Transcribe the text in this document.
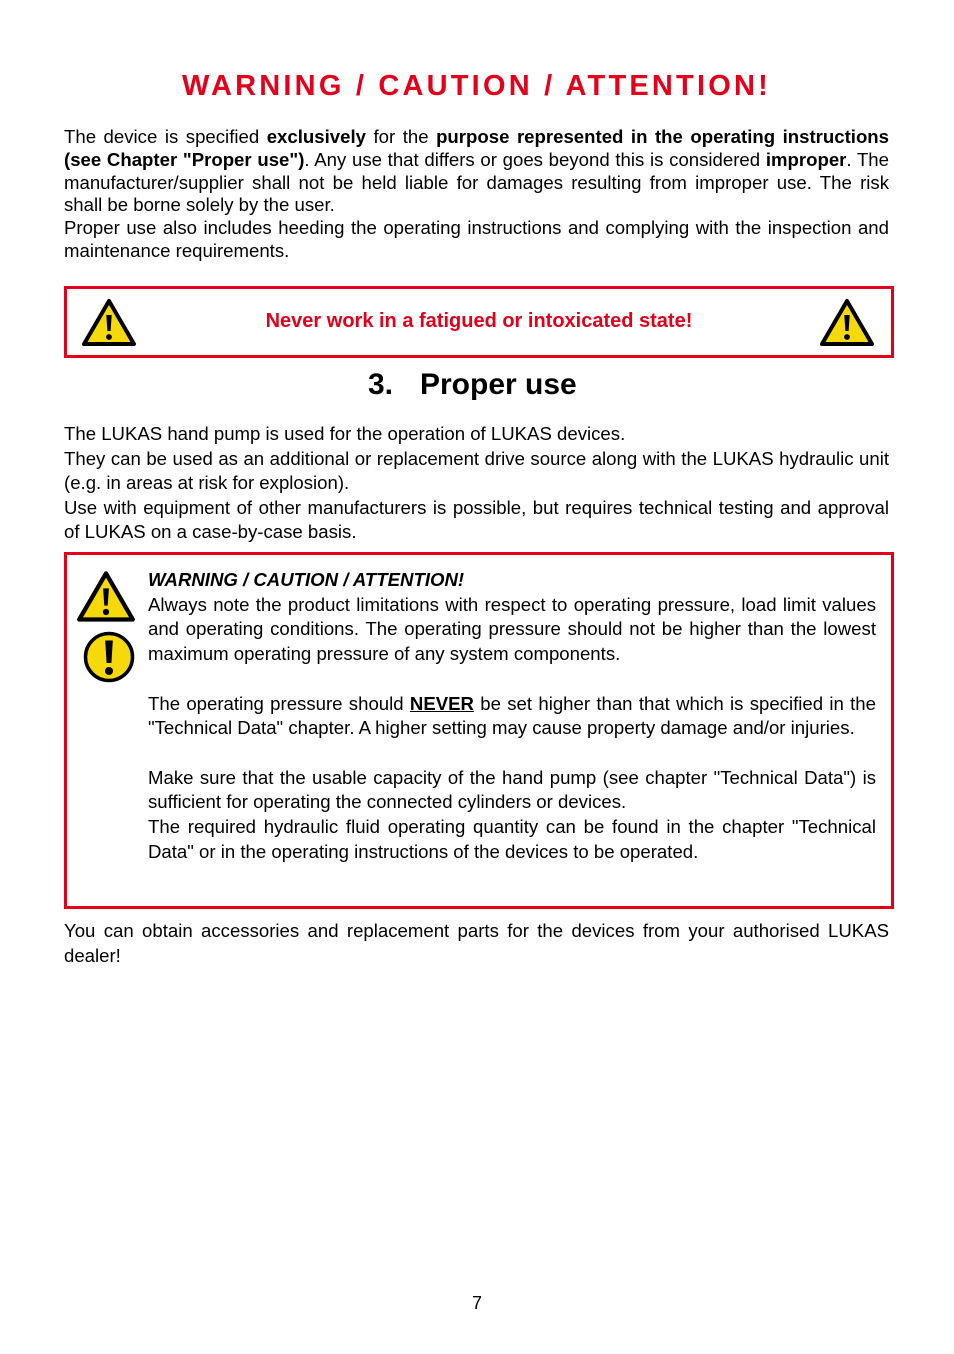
WARNING / CAUTION / ATTENTION!

The device is specified exclusively for the purpose represented in the operating instructions (see Chapter "Proper use"). Any use that differs or goes beyond this is considered improper. The manufacturer/supplier shall not be held liable for damages resulting from improper use. The risk shall be borne solely by the user.

Proper use also includes heeding the operating instructions and complying with the inspection and maintenance requirements.

Never work in a fatigued or intoxicated state!
3. Proper use

The LUKAS hand pump is used for the operation of LUKAS devices.

They can be used as an additional or replacement drive source along with the LUKAS hydraulic unit (e.g. in areas at risk for explosion).

Use with equipment of other manufacturers is possible, but requires technical testing and approval of LUKAS on a case-by-case basis.

WARNING / CAUTION / ATTENTION!

Always note the product limitations with respect to operating pressure, load limit values and operating conditions. The operating pressure should not be higher than the lowest maximum operating pressure of any system components.

The operating pressure should NEVER be set higher than that which is specified in the "Technical Data" chapter. A higher setting may cause property damage and/or injuries.

Make sure that the usable capacity of the hand pump (see chapter "Technical Data") is sufficient for operating the connected cylinders or devices.

The required hydraulic fluid operating quantity can be found in the chapter "Technical Data" or in the operating instructions of the devices to be operated.

You can obtain accessories and replacement parts for the devices from your authorised LUKAS dealer!

7
